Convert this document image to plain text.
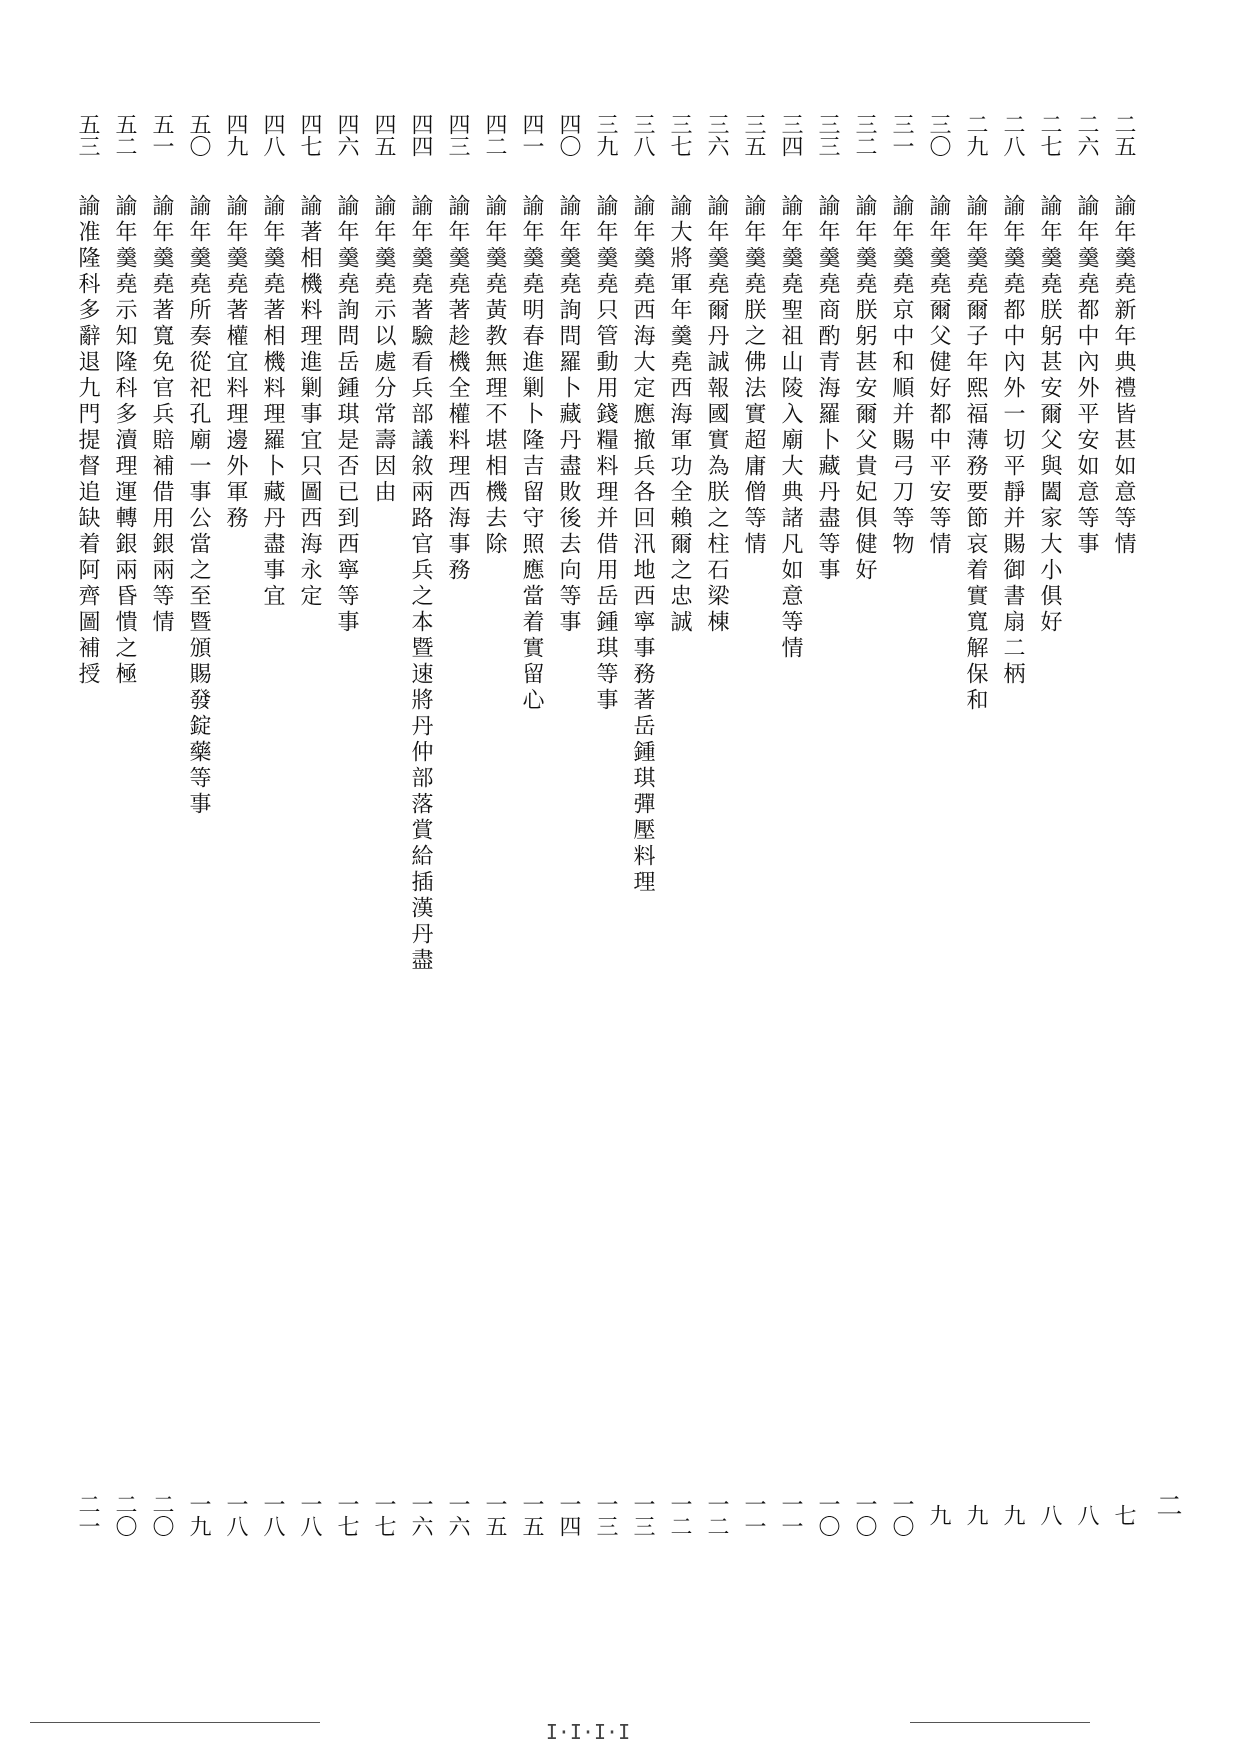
二
二五
諭年羹堯新年典禮皆甚如意等情 ·····
七
二六
諭年羹堯都中內外平安如意等事 ·····
八
二七
諭年羹堯朕躬甚安爾父與闔家大小俱好 ·····
八
二八
諭年羹堯都中內外一切平靜并賜御書扇二柄 ·····
九
二九
諭年羹堯爾子年熙福薄務要節哀着實寬解保和 ·····
九
三〇
諭年羹堯爾父健好都中平安等情 ·····
九
三一
諭年羹堯京中和順并賜弓刀等物 ·····
一〇
三二
諭年羹堯朕躬甚安爾父貴妃俱健好 ·····
一〇
三三
諭年羹堯商酌青海羅卜藏丹盡等事 ·····
一〇
三四
諭年羹堯聖祖山陵入廟大典諸凡如意等情 ·····
一一
三五
諭年羹堯朕之佛法實超庸僧等情 ·····
一一
三六
諭年羹堯爾丹誠報國實為朕之柱石梁棟 ·····
一二
三七
諭大將軍年羹堯西海軍功全賴爾之忠誠 ·····
一二
三八
諭年羹堯西海大定應撤兵各回汛地西寧事務著岳鍾琪彈壓料理 ·····
一三
三九
諭年羹堯只管動用錢糧料理并借用岳鍾琪等事 ·····
一三
四〇
諭年羹堯詢問羅卜藏丹盡敗後去向等事 ·····
一四
四一
諭年羹堯明春進剿卜隆吉留守照應當着實留心 ·····
一五
四二
諭年羹堯黃教無理不堪相機去除 ·····
一五
四三
諭年羹堯著趁機全權料理西海事務 ·····
一六
四四
諭年羹堯著驗看兵部議敘兩路官兵之本暨速將丹仲部落賞給插漢丹盡 ·····
一六
四五
諭年羹堯示以處分常壽因由 ·····
一七
四六
諭年羹堯詢問岳鍾琪是否已到西寧等事 ·····
一七
四七
諭著相機料理進剿事宜只圖西海永定 ·····
一八
四八
諭年羹堯著相機料理羅卜藏丹盡事宜 ·····
一八
四九
諭年羹堯著權宜料理邊外軍務 ·····
一八
五〇
諭年羹堯所奏從祀孔廟一事公當之至暨頒賜發錠藥等事 ·····
一九
五一
諭年羹堯著寬免官兵賠補借用銀兩等情 ·····
二〇
五二
諭年羹堯示知隆科多瀆理運轉銀兩昏憒之極 ·····
二〇
五三
諭准隆科多辭退九門提督追缺着阿齊圖補授 ·····
二一
I·I·I·I
